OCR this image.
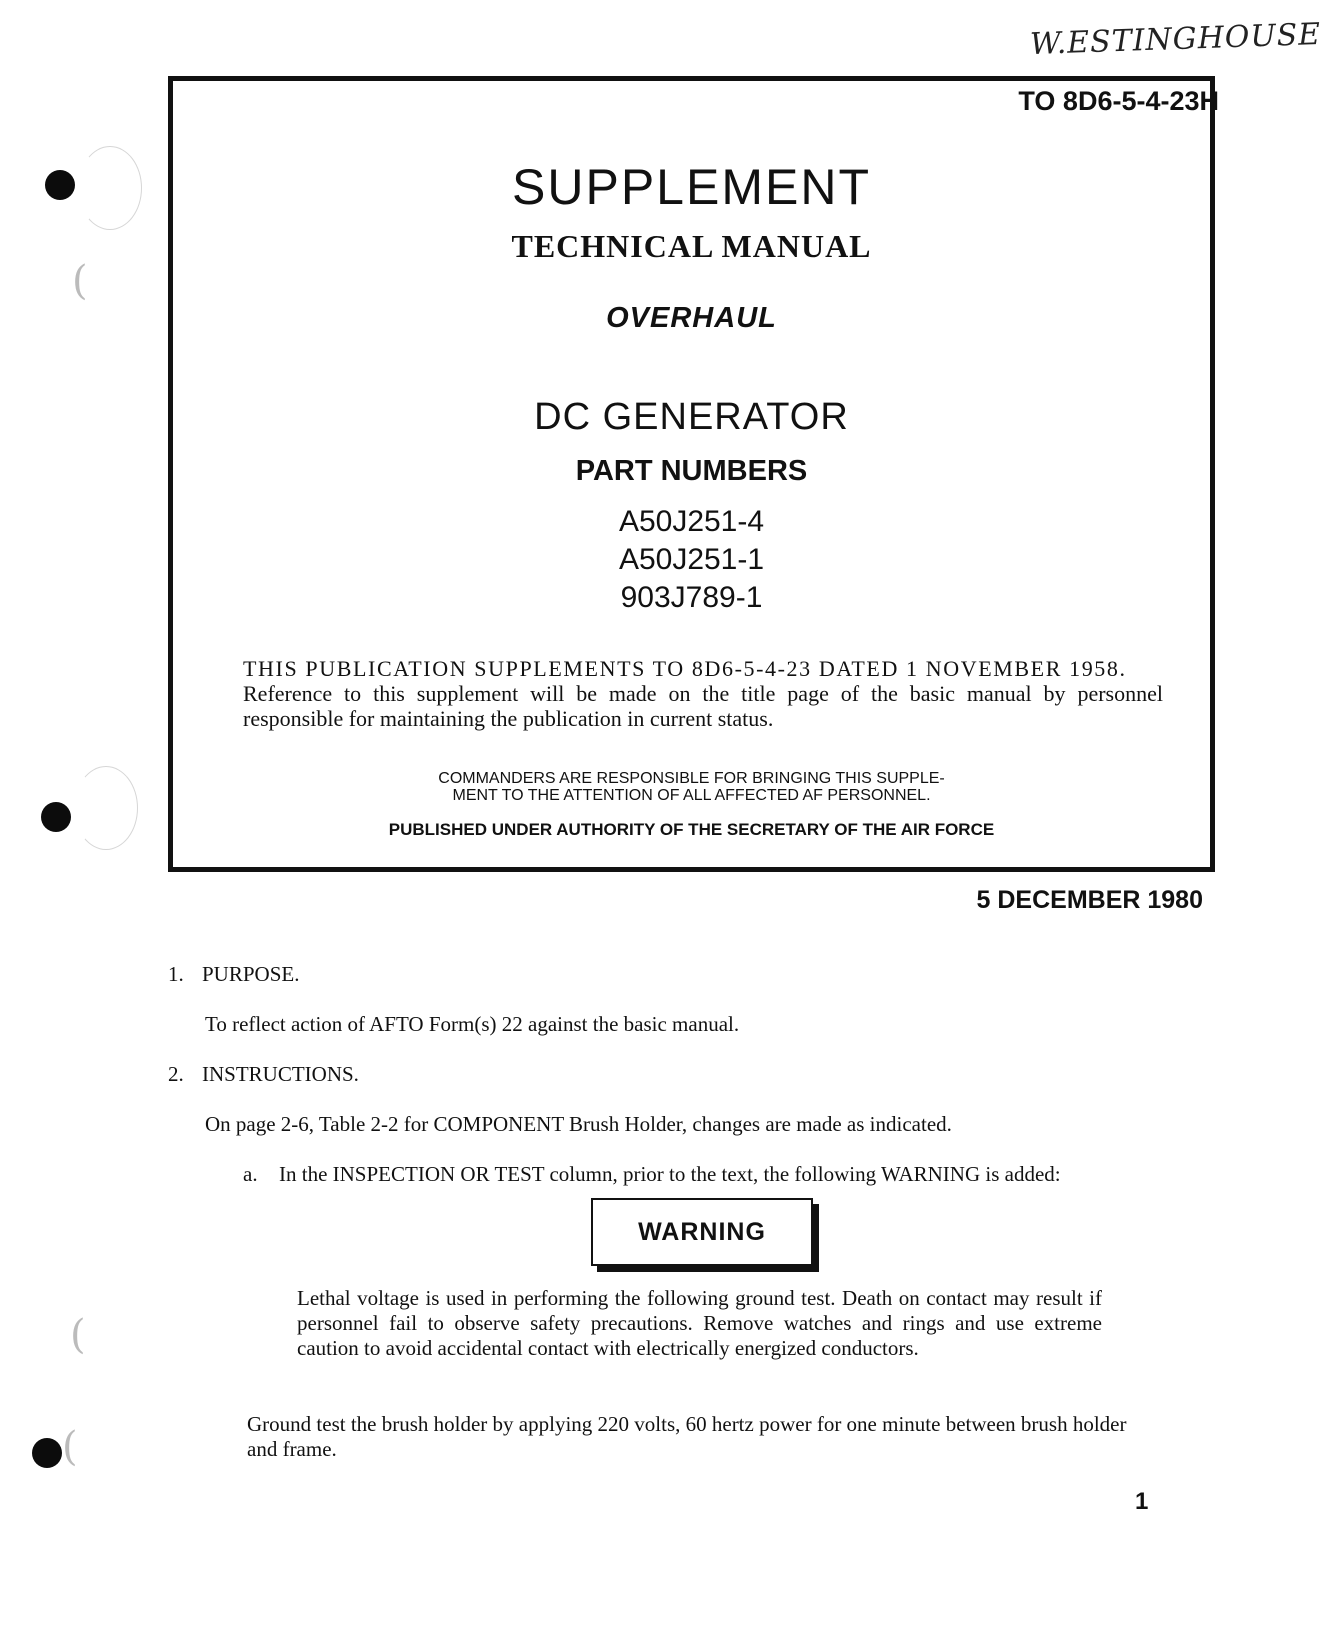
W.ESTINGHOUSE
(
(
(
TO 8D6-5-4-23H
SUPPLEMENT
TECHNICAL MANUAL
OVERHAUL
DC GENERATOR
PART NUMBERS
A50J251-4
A50J251-1
903J789-1
THIS PUBLICATION SUPPLEMENTS TO 8D6-5-4-23 DATED 1 NOVEMBER 1958.
Reference to this supplement will be made on the title page of the basic manual by personnel responsible for maintaining the publication in current status.
COMMANDERS ARE RESPONSIBLE FOR BRINGING THIS SUPPLE-
MENT TO THE ATTENTION OF ALL AFFECTED AF PERSONNEL.
PUBLISHED UNDER AUTHORITY OF THE SECRETARY OF THE AIR FORCE
5 DECEMBER 1980
1. PURPOSE.
To reflect action of AFTO Form(s) 22 against the basic manual.
2. INSTRUCTIONS.
On page 2-6, Table 2-2 for COMPONENT Brush Holder, changes are made as indicated.
a. In the INSPECTION OR TEST column, prior to the text, the following WARNING is added:
WARNING
Lethal voltage is used in performing the following ground test. Death on contact may result if personnel fail to observe safety precautions. Remove watches and rings and use extreme caution to avoid accidental contact with electrically energized conductors.
Ground test the brush holder by applying 220 volts, 60 hertz power for one minute between brush holder and frame.
1
